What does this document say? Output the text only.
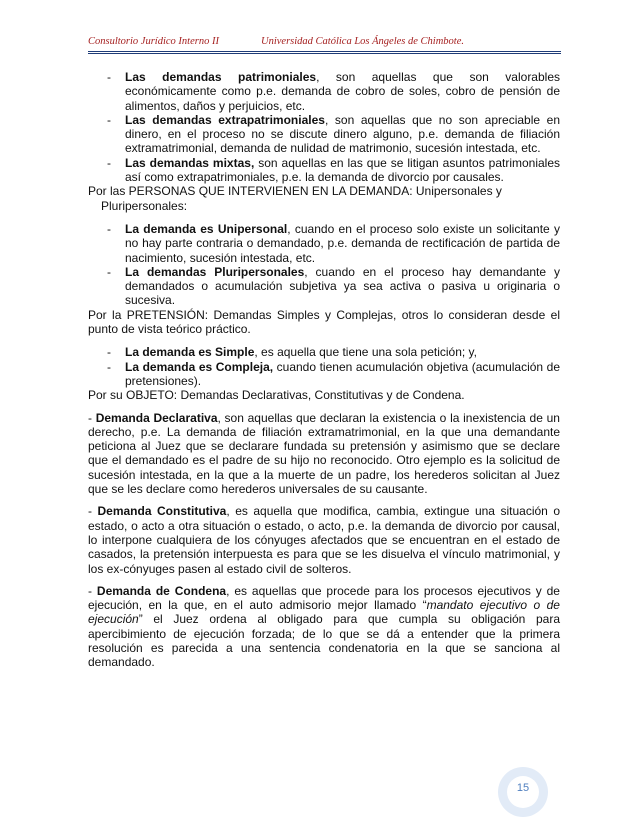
Consultorio Jurídico Interno II	Universidad Católica Los Ángeles de Chimbote.
- Las demandas patrimoniales, son aquellas que son valorables económicamente como p.e. demanda de cobro de soles, cobro de pensión de alimentos, daños y perjuicios, etc.
- Las demandas extrapatrimoniales, son aquellas que no son apreciable en dinero, en el proceso no se discute dinero alguno, p.e. demanda de filiación extramatrimonial, demanda de nulidad de matrimonio, sucesión intestada, etc.
- Las demandas mixtas, son aquellas en las que se litigan asuntos patrimoniales así como extrapatrimoniales, p.e. la demanda de divorcio por causales.

Por las PERSONAS QUE INTERVIENEN EN LA DEMANDA: Unipersonales y

Pluripersonales:

- La demanda es Unipersonal, cuando en el proceso solo existe un solicitante y no hay parte contraria o demandado, p.e. demanda de rectificación de partida de nacimiento, sucesión intestada, etc.
- La demandas Pluripersonales, cuando en el proceso hay demandante y demandados o acumulación subjetiva ya sea activa o pasiva u originaria o sucesiva.

Por la PRETENSIÓN: Demandas Simples y Complejas, otros lo consideran desde el punto de vista teórico práctico.

- La demanda es Simple, es aquella que tiene una sola petición; y,
- La demanda es Compleja, cuando tienen acumulación objetiva (acumulación de pretensiones).

Por su OBJETO: Demandas Declarativas, Constitutivas y de Condena.

- Demanda Declarativa, son aquellas que declaran la existencia o la inexistencia de un derecho, p.e. La demanda de filiación extramatrimonial, en la que una demandante peticiona al Juez que se declarare fundada su pretensión y asimismo que se declare que el demandado es el padre de su hijo no reconocido. Otro ejemplo es la solicitud de sucesión intestada, en la que a la muerte de un padre, los herederos solicitan al Juez que se les declare como herederos universales de su causante.

- Demanda Constitutiva, es aquella que modifica, cambia, extingue una situación o estado, o acto a otra situación o estado, o acto, p.e. la demanda de divorcio por causal, lo interpone cualquiera de los cónyuges afectados que se encuentran en el estado de casados, la pretensión interpuesta es para que se les disuelva el vínculo matrimonial, y los ex-cónyuges pasen al estado civil de solteros.

- Demanda de Condena, es aquellas que procede para los procesos ejecutivos y de ejecución, en la que, en el auto admisorio mejor llamado “mandato ejecutivo o de ejecución” el Juez ordena al obligado para que cumpla su obligación para apercibimiento de ejecución forzada; de lo que se dá a entender que la primera resolución es parecida a una sentencia condenatoria en la que se sanciona al demandado.

15
